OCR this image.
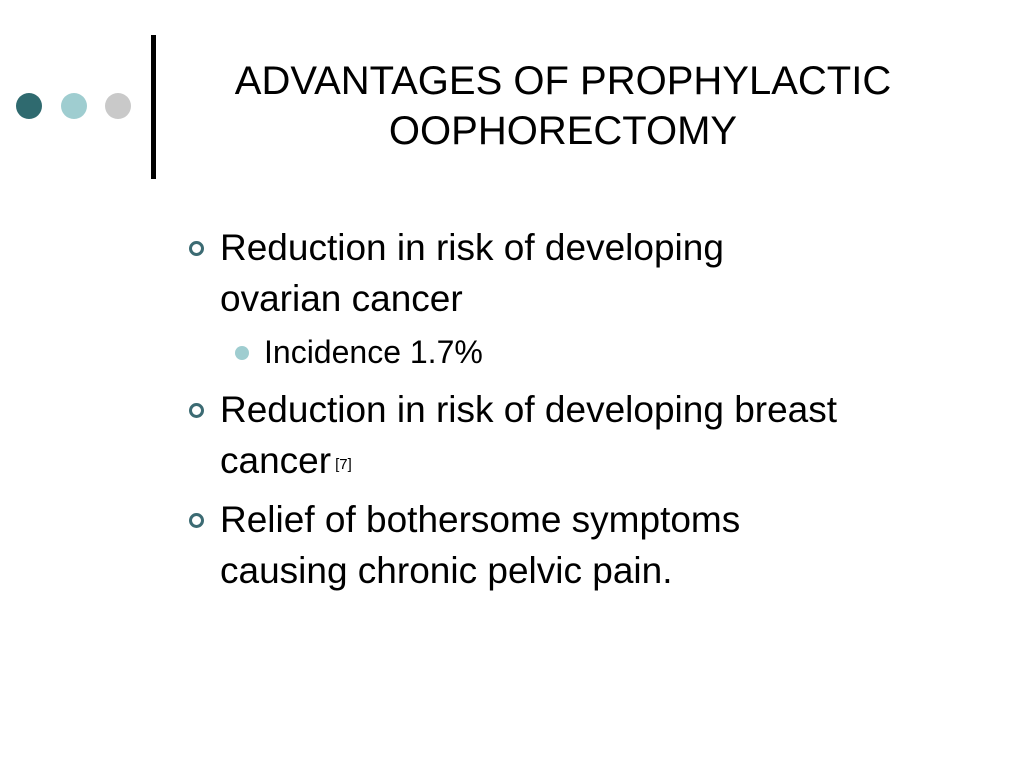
ADVANTAGES OF PROPHYLACTIC
OOPHORECTOMY
Reduction in risk of developing
ovarian cancer
Incidence 1.7%
Reduction in risk of developing breast
cancer [7]
Relief of bothersome symptoms
causing chronic pelvic pain.
